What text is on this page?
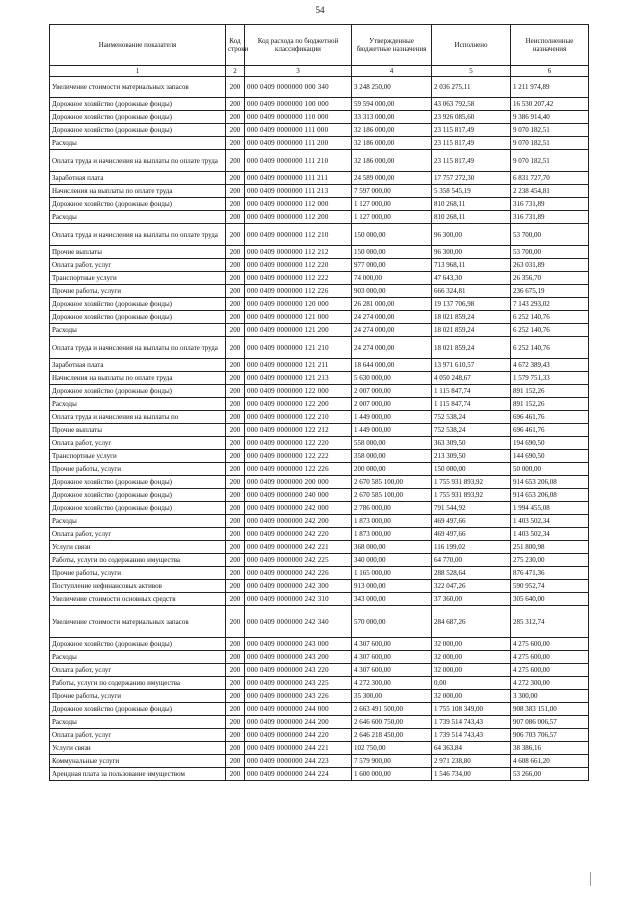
54
Наименование показателя	Код строки	Код расхода по бюджетной классификации	Утвержденные бюджетные назначения	Исполнено	Неисполненные назначения
1	2	3	4	5	6
Увеличение стоимости материальных запасов	200	000 0409 0000000 000 340	3 248 250,00	2 036 275,11	1 211 974,89
Дорожное хозяйство (дорожные фонды)	200	000 0409 0000000 100 000	59 594 000,00	43 063 792,58	16 530 207,42
Дорожное хозяйство (дорожные фонды)	200	000 0409 0000000 110 000	33 313 000,00	23 926 085,60	9 386 914,40
Дорожное хозяйство (дорожные фонды)	200	000 0409 0000000 111 000	32 186 000,00	23 115 817,49	9 070 182,51
Расходы	200	000 0409 0000000 111 200	32 186 000,00	23 115 817,49	9 070 182,51
Оплата труда и начисления на выплаты по оплате труда	200	000 0409 0000000 111 210	32 186 000,00	23 115 817,49	9 070 182,51
Заработная плата	200	000 0409 0000000 111 211	24 589 000,00	17 757 272,30	6 831 727,70
Начисления на выплаты по оплате труда	200	000 0409 0000000 111 213	7 597 000,00	5 358 545,19	2 238 454,81
Дорожное хозяйство (дорожные фонды)	200	000 0409 0000000 112 000	1 127 000,00	810 268,11	316 731,89
Расходы	200	000 0409 0000000 112 200	1 127 000,00	810 268,11	316 731,89
Оплата труда и начисления на выплаты по оплате труда	200	000 0409 0000000 112 210	150 000,00	96 300,00	53 700,00
Прочие выплаты	200	000 0409 0000000 112 212	150 000,00	96 300,00	53 700,00
Оплата работ, услуг	200	000 0409 0000000 112 220	977 000,00	713 968,11	263 031,89
Транспортные услуги	200	000 0409 0000000 112 222	74 000,00	47 643,30	26 356,70
Прочие работы, услуги	200	000 0409 0000000 112 226	903 000,00	666 324,81	236 675,19
Дорожное хозяйство (дорожные фонды)	200	000 0409 0000000 120 000	26 281 000,00	19 137 706,98	7 143 293,02
Дорожное хозяйство (дорожные фонды)	200	000 0409 0000000 121 000	24 274 000,00	18 021 859,24	6 252 140,76
Расходы	200	000 0409 0000000 121 200	24 274 000,00	18 021 859,24	6 252 140,76
Оплата труда и начисления на выплаты по оплате труда	200	000 0409 0000000 121 210	24 274 000,00	18 021 859,24	6 252 140,76
Заработная плата	200	000 0409 0000000 121 211	18 644 000,00	13 971 610,57	4 672 389,43
Начисления на выплаты по оплате труда	200	000 0409 0000000 121 213	5 630 000,00	4 050 248,67	1 579 751,33
Дорожное хозяйство (дорожные фонды)	200	000 0409 0000000 122 000	2 007 000,00	1 115 847,74	891 152,26
Расходы	200	000 0409 0000000 122 200	2 007 000,00	1 115 847,74	891 152,26
Оплата труда и начисления на выплаты по	200	000 0409 0000000 122 210	1 449 000,00	752 538,24	696 461,76
Прочие выплаты	200	000 0409 0000000 122 212	1 449 000,00	752 538,24	696 461,76
Оплата работ, услуг	200	000 0409 0000000 122 220	558 000,00	363 309,50	194 690,50
Транспортные услуги	200	000 0409 0000000 122 222	358 000,00	213 309,50	144 690,50
Прочие работы, услуги	200	000 0409 0000000 122 226	200 000,00	150 000,00	50 000,00
Дорожное хозяйство (дорожные фонды)	200	000 0409 0000000 200 000	2 670 585 100,00	1 755 931 893,92	914 653 206,08
Дорожное хозяйство (дорожные фонды)	200	000 0409 0000000 240 000	2 670 585 100,00	1 755 931 893,92	914 653 206,08
Дорожное хозяйство (дорожные фонды)	200	000 0409 0000000 242 000	2 786 000,00	791 544,92	1 994 455,08
Расходы	200	000 0409 0000000 242 200	1 873 000,00	469 497,66	1 403 502,34
Оплата работ, услуг	200	000 0409 0000000 242 220	1 873 000,00	469 497,66	1 403 502,34
Услуги связи	200	000 0409 0000000 242 221	368 000,00	116 199,02	251 800,98
Работы, услуги по содержанию имущества	200	000 0409 0000000 242 225	340 000,00	64 770,00	275 230,00
Прочие работы, услуги	200	000 0409 0000000 242 226	1 165 000,00	288 528,64	876 471,36
Поступление нефинансовых активов	200	000 0409 0000000 242 300	913 000,00	322 047,26	590 952,74
Увеличение стоимости основных средств	200	000 0409 0000000 242 310	343 000,00	37 360,00	305 640,00
Увеличение стоимости материальных запасов	200	000 0409 0000000 242 340	570 000,00	284 687,26	285 312,74
Дорожное хозяйство (дорожные фонды)	200	000 0409 0000000 243 000	4 307 600,00	32 000,00	4 275 600,00
Расходы	200	000 0409 0000000 243 200	4 307 600,00	32 000,00	4 275 600,00
Оплата работ, услуг	200	000 0409 0000000 243 220	4 307 600,00	32 000,00	4 275 600,00
Работы, услуги по содержанию имущества	200	000 0409 0000000 243 225	4 272 300,00	0,00	4 272 300,00
Прочие работы, услуги	200	000 0409 0000000 243 226	35 300,00	32 000,00	3 300,00
Дорожное хозяйство (дорожные фонды)	200	000 0409 0000000 244 000	2 663 491 500,00	1 755 108 349,00	908 383 151,00
Расходы	200	000 0409 0000000 244 200	2 646 600 750,00	1 739 514 743,43	907 086 006,57
Оплата работ, услуг	200	000 0409 0000000 244 220	2 646 218 450,00	1 739 514 743,43	906 703 706,57
Услуги связи	200	000 0409 0000000 244 221	102 750,00	64 363,84	38 386,16
Коммунальные услуги	200	000 0409 0000000 244 223	7 579 900,00	2 971 238,80	4 608 661,20
Арендная плата за пользование имуществом	200	000 0409 0000000 244 224	1 600 000,00	1 546 734,00	53 266,00
